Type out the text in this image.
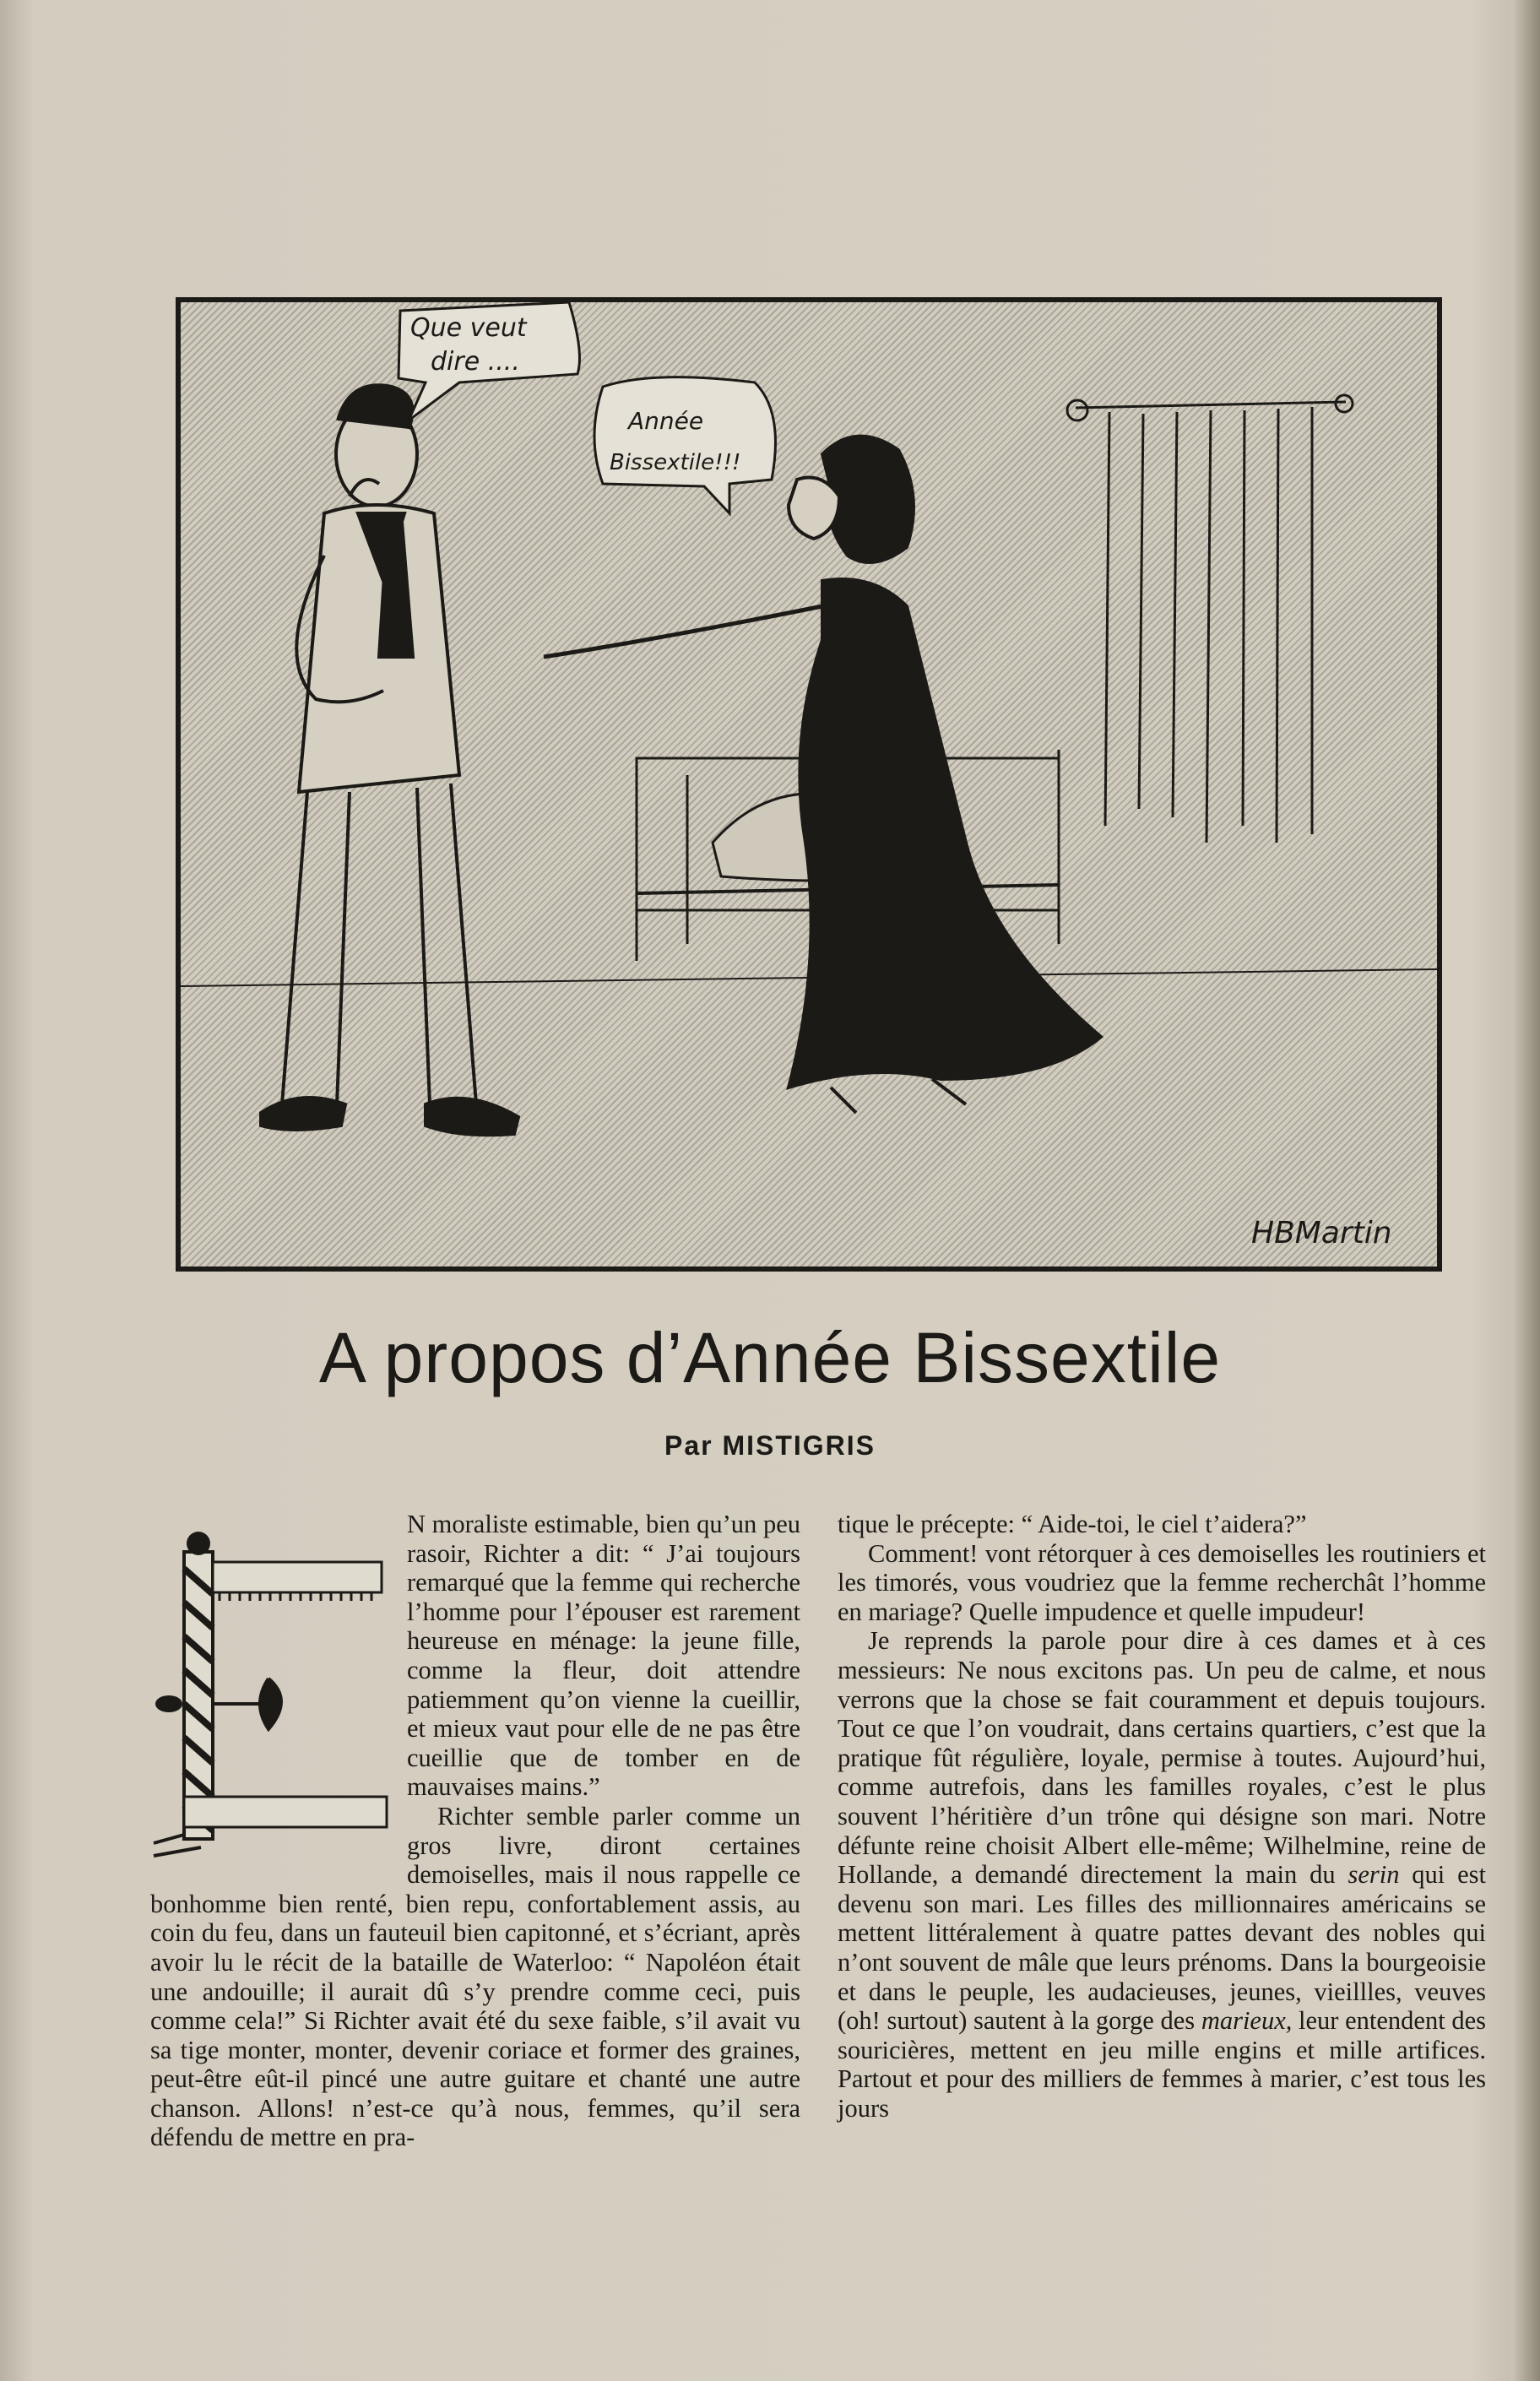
Que veut
dire ....
Année
Bissextile!!!
HBMartin
A propos d’Année Bissextile
Par MISTIGRIS

N moraliste estimable, bien qu’un peu rasoir, Richter a dit: “ J’ai toujours remarqué que la femme qui recherche l’homme pour l’épouser est rarement heureuse en ménage: la jeune fille, comme la fleur, doit attendre patiemment qu’on vienne la cueillir, et mieux vaut pour elle de ne pas être cueillie que de tomber en de mauvaises mains.”

Richter semble parler comme un gros livre, diront certaines demoiselles, mais il nous rappelle ce bonhomme bien renté, bien repu, confortablement assis, au coin du feu, dans un fauteuil bien capitonné, et s’écriant, après avoir lu le récit de la bataille de Waterloo: “ Napoléon était une andouille; il aurait dû s’y prendre comme ceci, puis comme cela!” Si Richter avait été du sexe faible, s’il avait vu sa tige monter, monter, devenir coriace et former des graines, peut-être eût-il pincé une autre guitare et chanté une autre chanson. Allons! n’est-ce qu’à nous, femmes, qu’il sera défendu de mettre en pra-

tique le précepte: “ Aide-toi, le ciel t’aidera?”

Comment! vont rétorquer à ces demoiselles les routiniers et les timorés, vous voudriez que la femme recherchât l’homme en mariage? Quelle impudence et quelle impudeur!

Je reprends la parole pour dire à ces dames et à ces messieurs: Ne nous excitons pas. Un peu de calme, et nous verrons que la chose se fait couramment et depuis toujours. Tout ce que l’on voudrait, dans certains quartiers, c’est que la pratique fût régulière, loyale, permise à toutes. Aujourd’hui, comme autrefois, dans les familles royales, c’est le plus souvent l’héritière d’un trône qui désigne son mari. Notre défunte reine choisit Albert elle-même; Wilhelmine, reine de Hollande, a demandé directement la main du serin qui est devenu son mari. Les filles des millionnaires américains se mettent littéralement à quatre pattes devant des nobles qui n’ont souvent de mâle que leurs prénoms. Dans la bourgeoisie et dans le peuple, les audacieuses, jeunes, vieillles, veuves (oh! surtout) sautent à la gorge des marieux, leur entendent des souricières, mettent en jeu mille engins et mille artifices. Partout et pour des milliers de femmes à marier, c’est tous les jours
